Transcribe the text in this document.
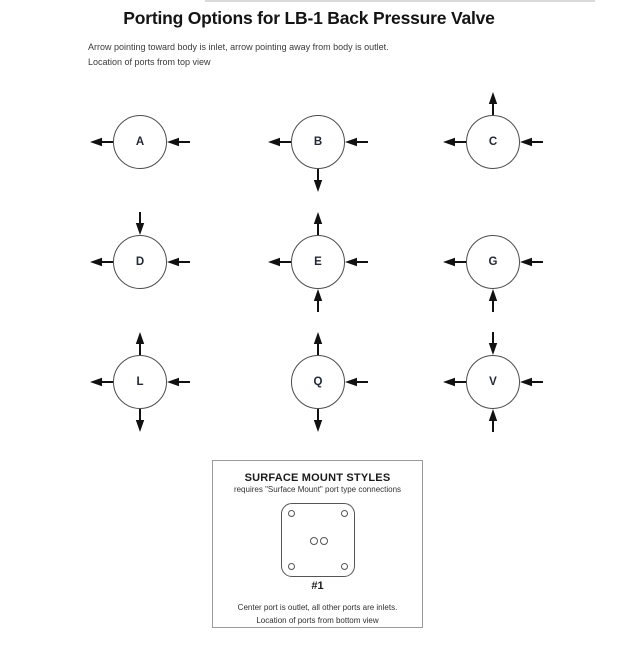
Porting Options for LB-1 Back Pressure Valve
Arrow pointing toward body is inlet, arrow pointing away from body is outlet.
Location of ports from top view
A	B	C
D	E	G
L	Q	V
SURFACE MOUNT STYLES
requires "Surface Mount" port type connections
#1
Center port is outlet, all other ports are inlets.
Location of ports from bottom view
